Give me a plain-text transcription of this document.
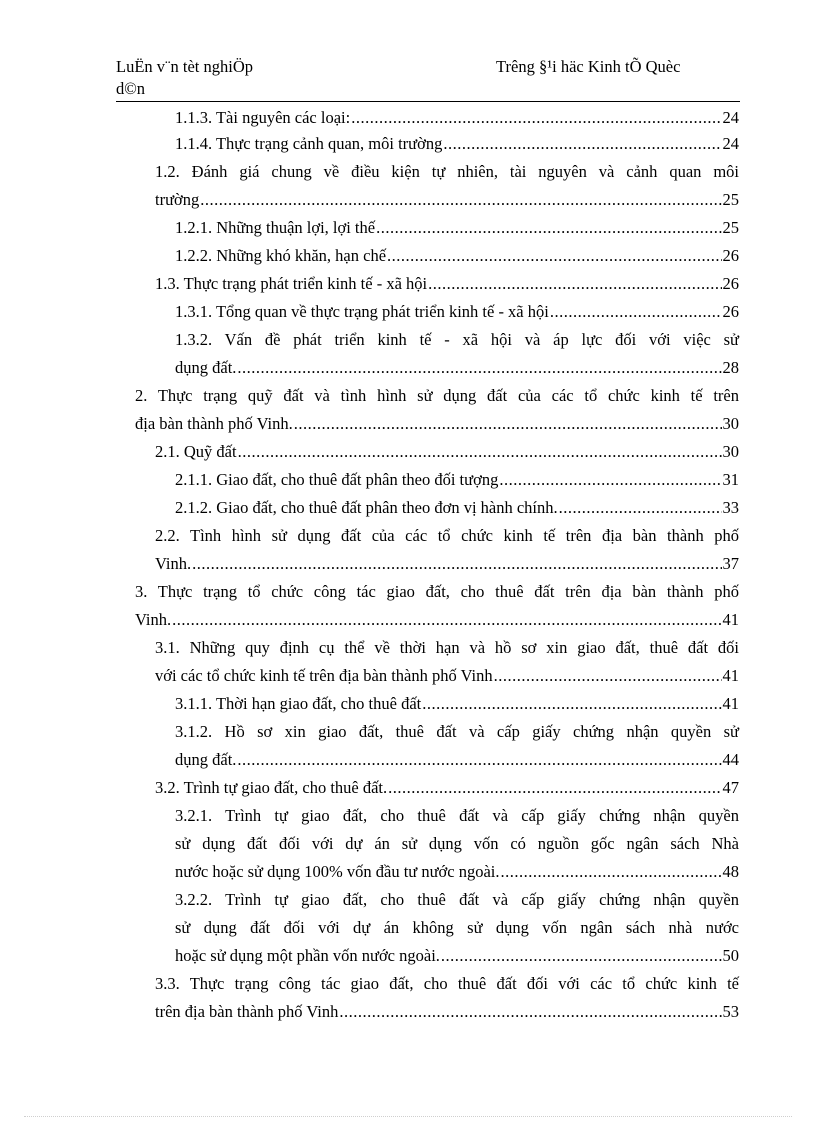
LuËn v¨n tèt nghiÖp
d©n
Trêng §¹i häc Kinh tÕ Quèc
1.1.3. Tài nguyên các loại: .....	24
1.1.4. Thực trạng cảnh quan, môi trường .....	24
1.2. Đánh giá chung về điều kiện tự nhiên, tài nguyên và cảnh quan môi
trường .....	25
1.2.1. Những thuận lợi, lợi thế .....	25
1.2.2. Những khó khăn, hạn chế .....	26
1.3. Thực trạng phát triển kinh tế - xã hội .....	26
1.3.1. Tổng quan về thực trạng phát triển kinh tế - xã hội .....	26
1.3.2. Vấn đề phát triển kinh tế - xã hội và áp lực đối với việc sử
dụng đất. .....	28
2. Thực trạng quỹ đất và tình hình sử dụng đất của các tổ chức kinh tế trên
địa bàn thành phố Vinh. .....	30
2.1. Quỹ đất .....	30
2.1.1. Giao đất, cho thuê đất phân theo đối tượng .....	31
2.1.2. Giao đất, cho thuê đất phân theo đơn vị hành chính. .....	33
2.2. Tình hình sử dụng đất của các tổ chức kinh tế trên địa bàn thành phố
Vinh. .....	37
3. Thực trạng tổ chức công tác giao đất, cho thuê đất trên địa bàn thành phố
Vinh. .....	41
3.1. Những quy định cụ thể về thời hạn và hồ sơ xin giao đất, thuê đất đối
với các tổ chức kinh tế trên địa bàn thành phố Vinh .....	41
3.1.1. Thời hạn giao đất, cho thuê đất .....	41
3.1.2. Hồ sơ xin giao đất, thuê đất và cấp giấy chứng nhận quyền sử
dụng đất. .....	44
3.2. Trình tự giao đất, cho thuê đất. .....	47
3.2.1. Trình tự giao đất, cho thuê đất và cấp giấy chứng nhận quyền
sử dụng đất đối với dự án sử dụng vốn có nguồn gốc ngân sách Nhà
nước hoặc sử dụng 100% vốn đầu tư nước ngoài. .....	48
3.2.2. Trình tự giao đất, cho thuê đất và cấp giấy chứng nhận quyền
sử dụng đất đối với dự án không sử dụng vốn ngân sách nhà nước
hoặc sử dụng một phần vốn nước ngoài. .....	50
3.3. Thực trạng công tác giao đất, cho thuê đất đối với các tổ chức kinh tế
trên địa bàn thành phố Vinh .....	53
